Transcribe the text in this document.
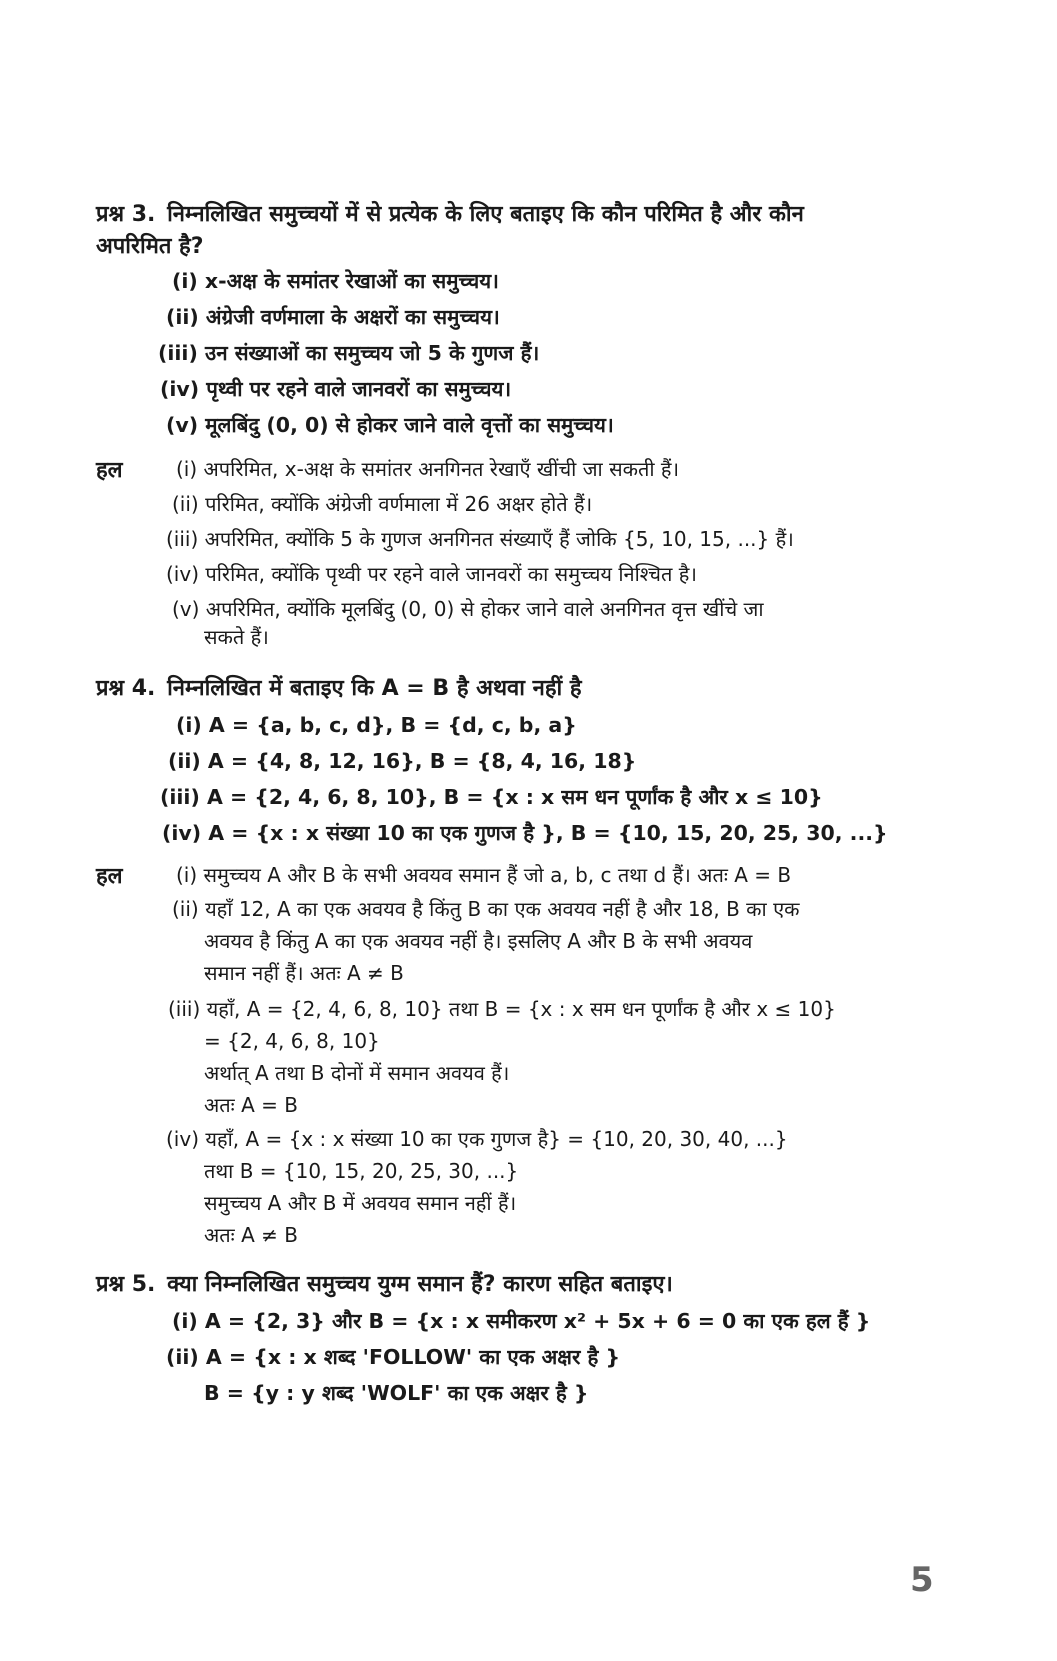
प्रश्न 3. निम्नलिखित समुच्चयों में से प्रत्येक के लिए बताइए कि कौन परिमित है और कौन
अपरिमित है?
(i) x-अक्ष के समांतर रेखाओं का समुच्चय।
(ii) अंग्रेजी वर्णमाला के अक्षरों का समुच्चय।
(iii) उन संख्याओं का समुच्चय जो 5 के गुणज हैं।
(iv) पृथ्वी पर रहने वाले जानवरों का समुच्चय।
(v) मूलबिंदु (0, 0) से होकर जाने वाले वृत्तों का समुच्चय।
हल	(i) अपरिमित, x-अक्ष के समांतर अनगिनत रेखाएँ खींची जा सकती हैं।
(ii) परिमित, क्योंकि अंग्रेजी वर्णमाला में 26 अक्षर होते हैं।
(iii) अपरिमित, क्योंकि 5 के गुणज अनगिनत संख्याएँ हैं जोकि {5, 10, 15, ...} हैं।
(iv) परिमित, क्योंकि पृथ्वी पर रहने वाले जानवरों का समुच्चय निश्चित है।
(v) अपरिमित, क्योंकि मूलबिंदु (0, 0) से होकर जाने वाले अनगिनत वृत्त खींचे जा
सकते हैं।
प्रश्न 4. निम्नलिखित में बताइए कि A = B है अथवा नहीं है
(i) A = {a, b, c, d}, B = {d, c, b, a}
(ii) A = {4, 8, 12, 16}, B = {8, 4, 16, 18}
(iii) A = {2, 4, 6, 8, 10}, B = {x : x सम धन पूर्णांक है और x ≤ 10}
(iv) A = {x : x संख्या 10 का एक गुणज है }, B = {10, 15, 20, 25, 30, ...}
हल	(i) समुच्चय A और B के सभी अवयव समान हैं जो a, b, c तथा d हैं। अतः A = B
(ii) यहाँ 12, A का एक अवयव है किंतु B का एक अवयव नहीं है और 18, B का एक
अवयव है किंतु A का एक अवयव नहीं है। इसलिए A और B के सभी अवयव
समान नहीं हैं। अतः A ≠ B
(iii) यहाँ, A = {2, 4, 6, 8, 10} तथा B = {x : x सम धन पूर्णांक है और x ≤ 10}
= {2, 4, 6, 8, 10}
अर्थात् A तथा B दोनों में समान अवयव हैं।
अतः A = B
(iv) यहाँ, A = {x : x संख्या 10 का एक गुणज है} = {10, 20, 30, 40, ...}
तथा B = {10, 15, 20, 25, 30, ...}
समुच्चय A और B में अवयव समान नहीं हैं।
अतः A ≠ B
प्रश्न 5. क्या निम्नलिखित समुच्चय युग्म समान हैं? कारण सहित बताइए।
(i) A = {2, 3} और B = {x : x समीकरण x² + 5x + 6 = 0 का एक हल हैं }
(ii) A = {x : x शब्द 'FOLLOW' का एक अक्षर है }
B = {y : y शब्द 'WOLF' का एक अक्षर है }
5
